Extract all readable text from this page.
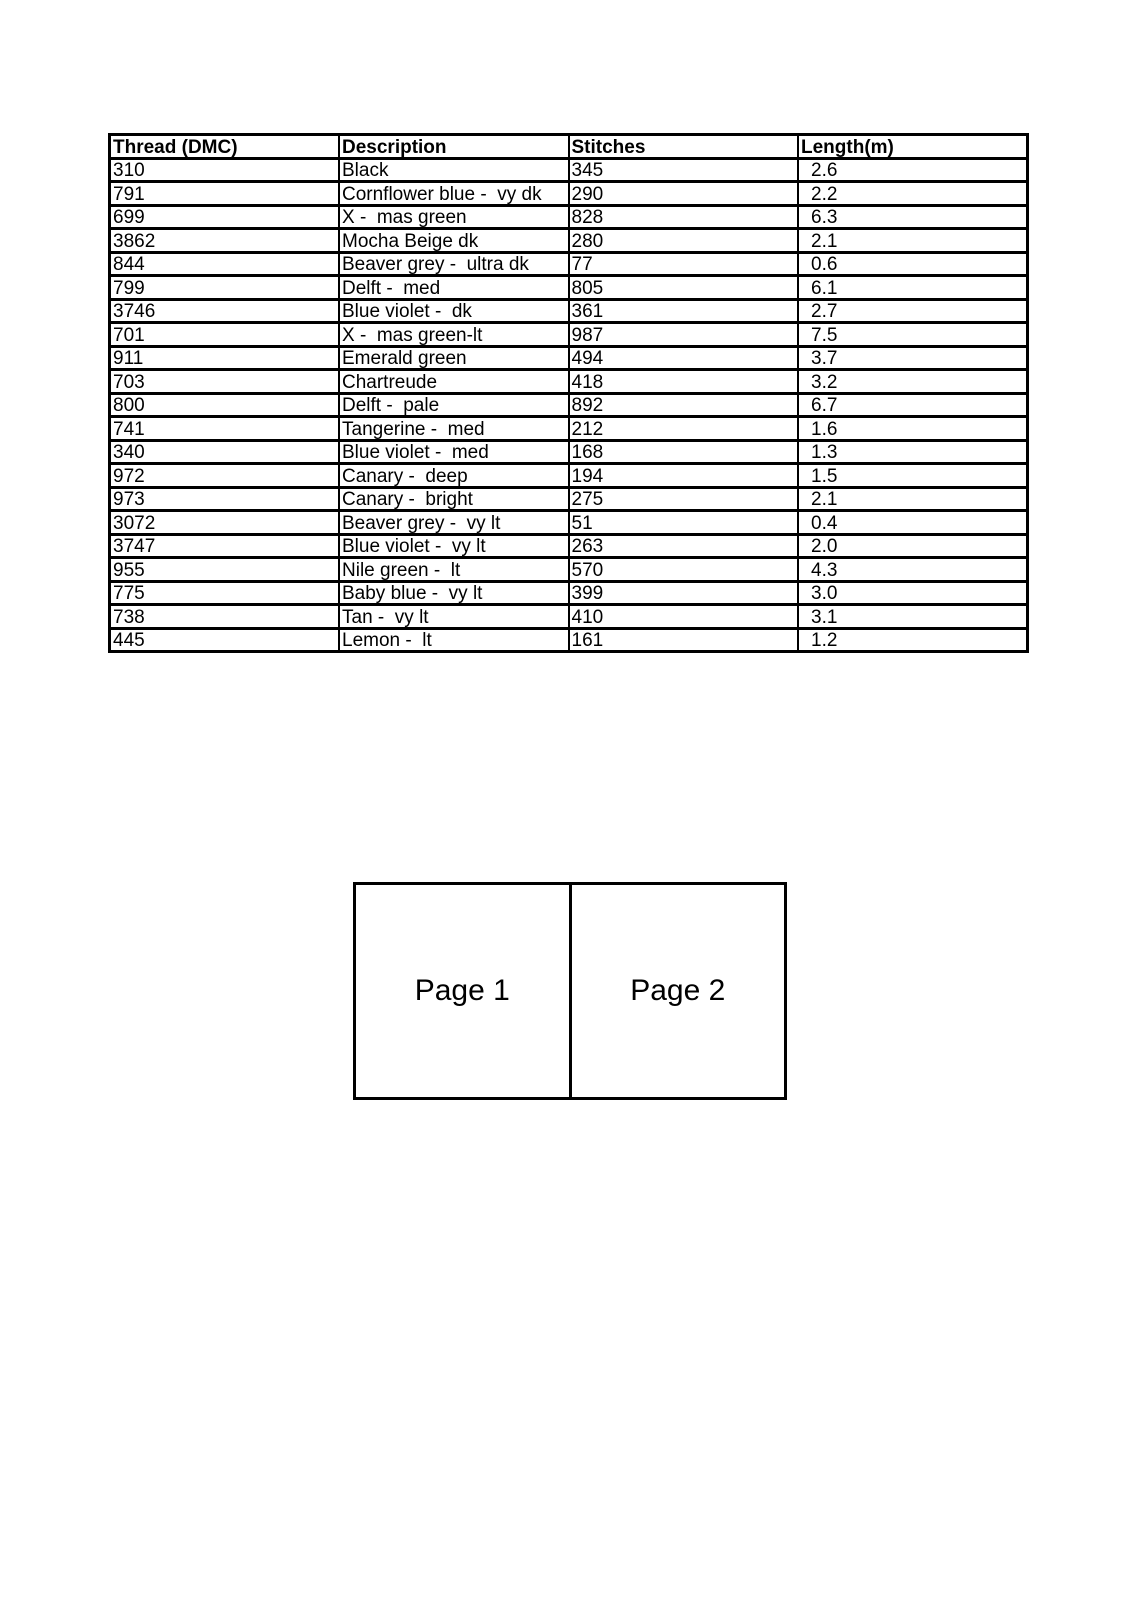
Thread (DMC)	Description	Stitches	Length(m)
310	Black	345	2.6
791	Cornflower blue -  vy dk	290	2.2
699	X -  mas green	828	6.3
3862	Mocha Beige dk	280	2.1
844	Beaver grey -  ultra dk	77	0.6
799	Delft -  med	805	6.1
3746	Blue violet -  dk	361	2.7
701	X -  mas green-lt	987	7.5
911	Emerald green	494	3.7
703	Chartreude	418	3.2
800	Delft -  pale	892	6.7
741	Tangerine -  med	212	1.6
340	Blue violet -  med	168	1.3
972	Canary -  deep	194	1.5
973	Canary -  bright	275	2.1
3072	Beaver grey -  vy lt	51	0.4
3747	Blue violet -  vy lt	263	2.0
955	Nile green -  lt	570	4.3
775	Baby blue -  vy lt	399	3.0
738	Tan -  vy lt	410	3.1
445	Lemon -  lt	161	1.2
Page 1	Page 2
